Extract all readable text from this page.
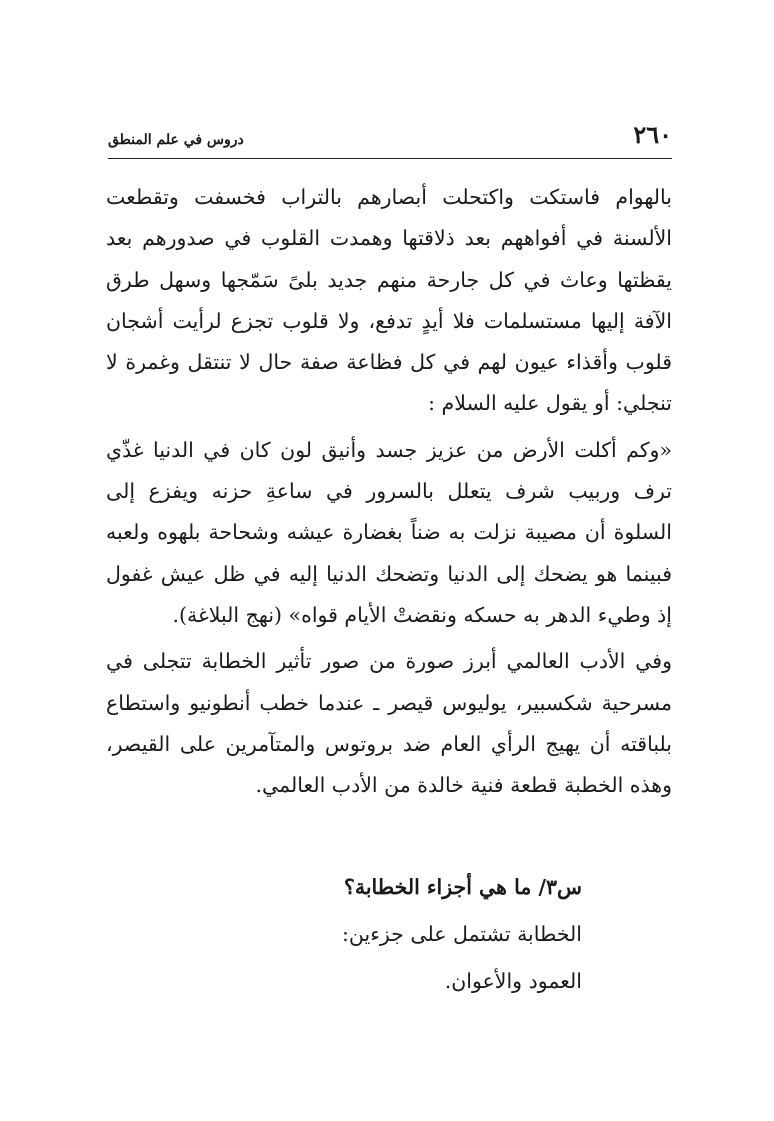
٢٦٠
دروس في علم المنطق

بالهوام فاستكت واكتحلت أبصارهم بالتراب فخسفت وتقطعت الألسنة في أفواههم بعد ذلاقتها وهمدت القلوب في صدورهم بعد يقظتها وعاث في كل جارحة منهم جديد بلىً سَمّجها وسهل طرق الآفة إليها مستسلمات فلا أيدٍ تدفع، ولا قلوب تجزع لرأيت أشجان قلوب وأقذاء عيون لهم في كل فظاعة صفة حال لا تنتقل وغمرة لا تنجلي: أو يقول عليه السلام :

«وكم أكلت الأرض من عزيز جسد وأنيق لون كان في الدنيا غذّي ترف وربيب شرف يتعلل بالسرور في ساعةِ حزنه ويفزع إلى السلوة أن مصيبة نزلت به ضناً بغضارة عيشه وشحاحة بلهوه ولعبه فبينما هو يضحك إلى الدنيا وتضحك الدنيا إليه في ظل عيش غفول إذ وطيء الدهر به حسكه ونقضتْ الأيام قواه» (نهج البلاغة).

وفي الأدب العالمي أبرز صورة من صور تأثير الخطابة تتجلى في مسرحية شكسبير، يوليوس قيصر ـ عندما خطب أنطونيو واستطاع بلباقته أن يهيج الرأي العام ضد بروتوس والمتآمرين على القيصر، وهذه الخطبة قطعة فنية خالدة من الأدب العالمي.

س٣/ ما هي أجزاء الخطابة؟

الخطابة تشتمل على جزءين:

العمود والأعوان.
